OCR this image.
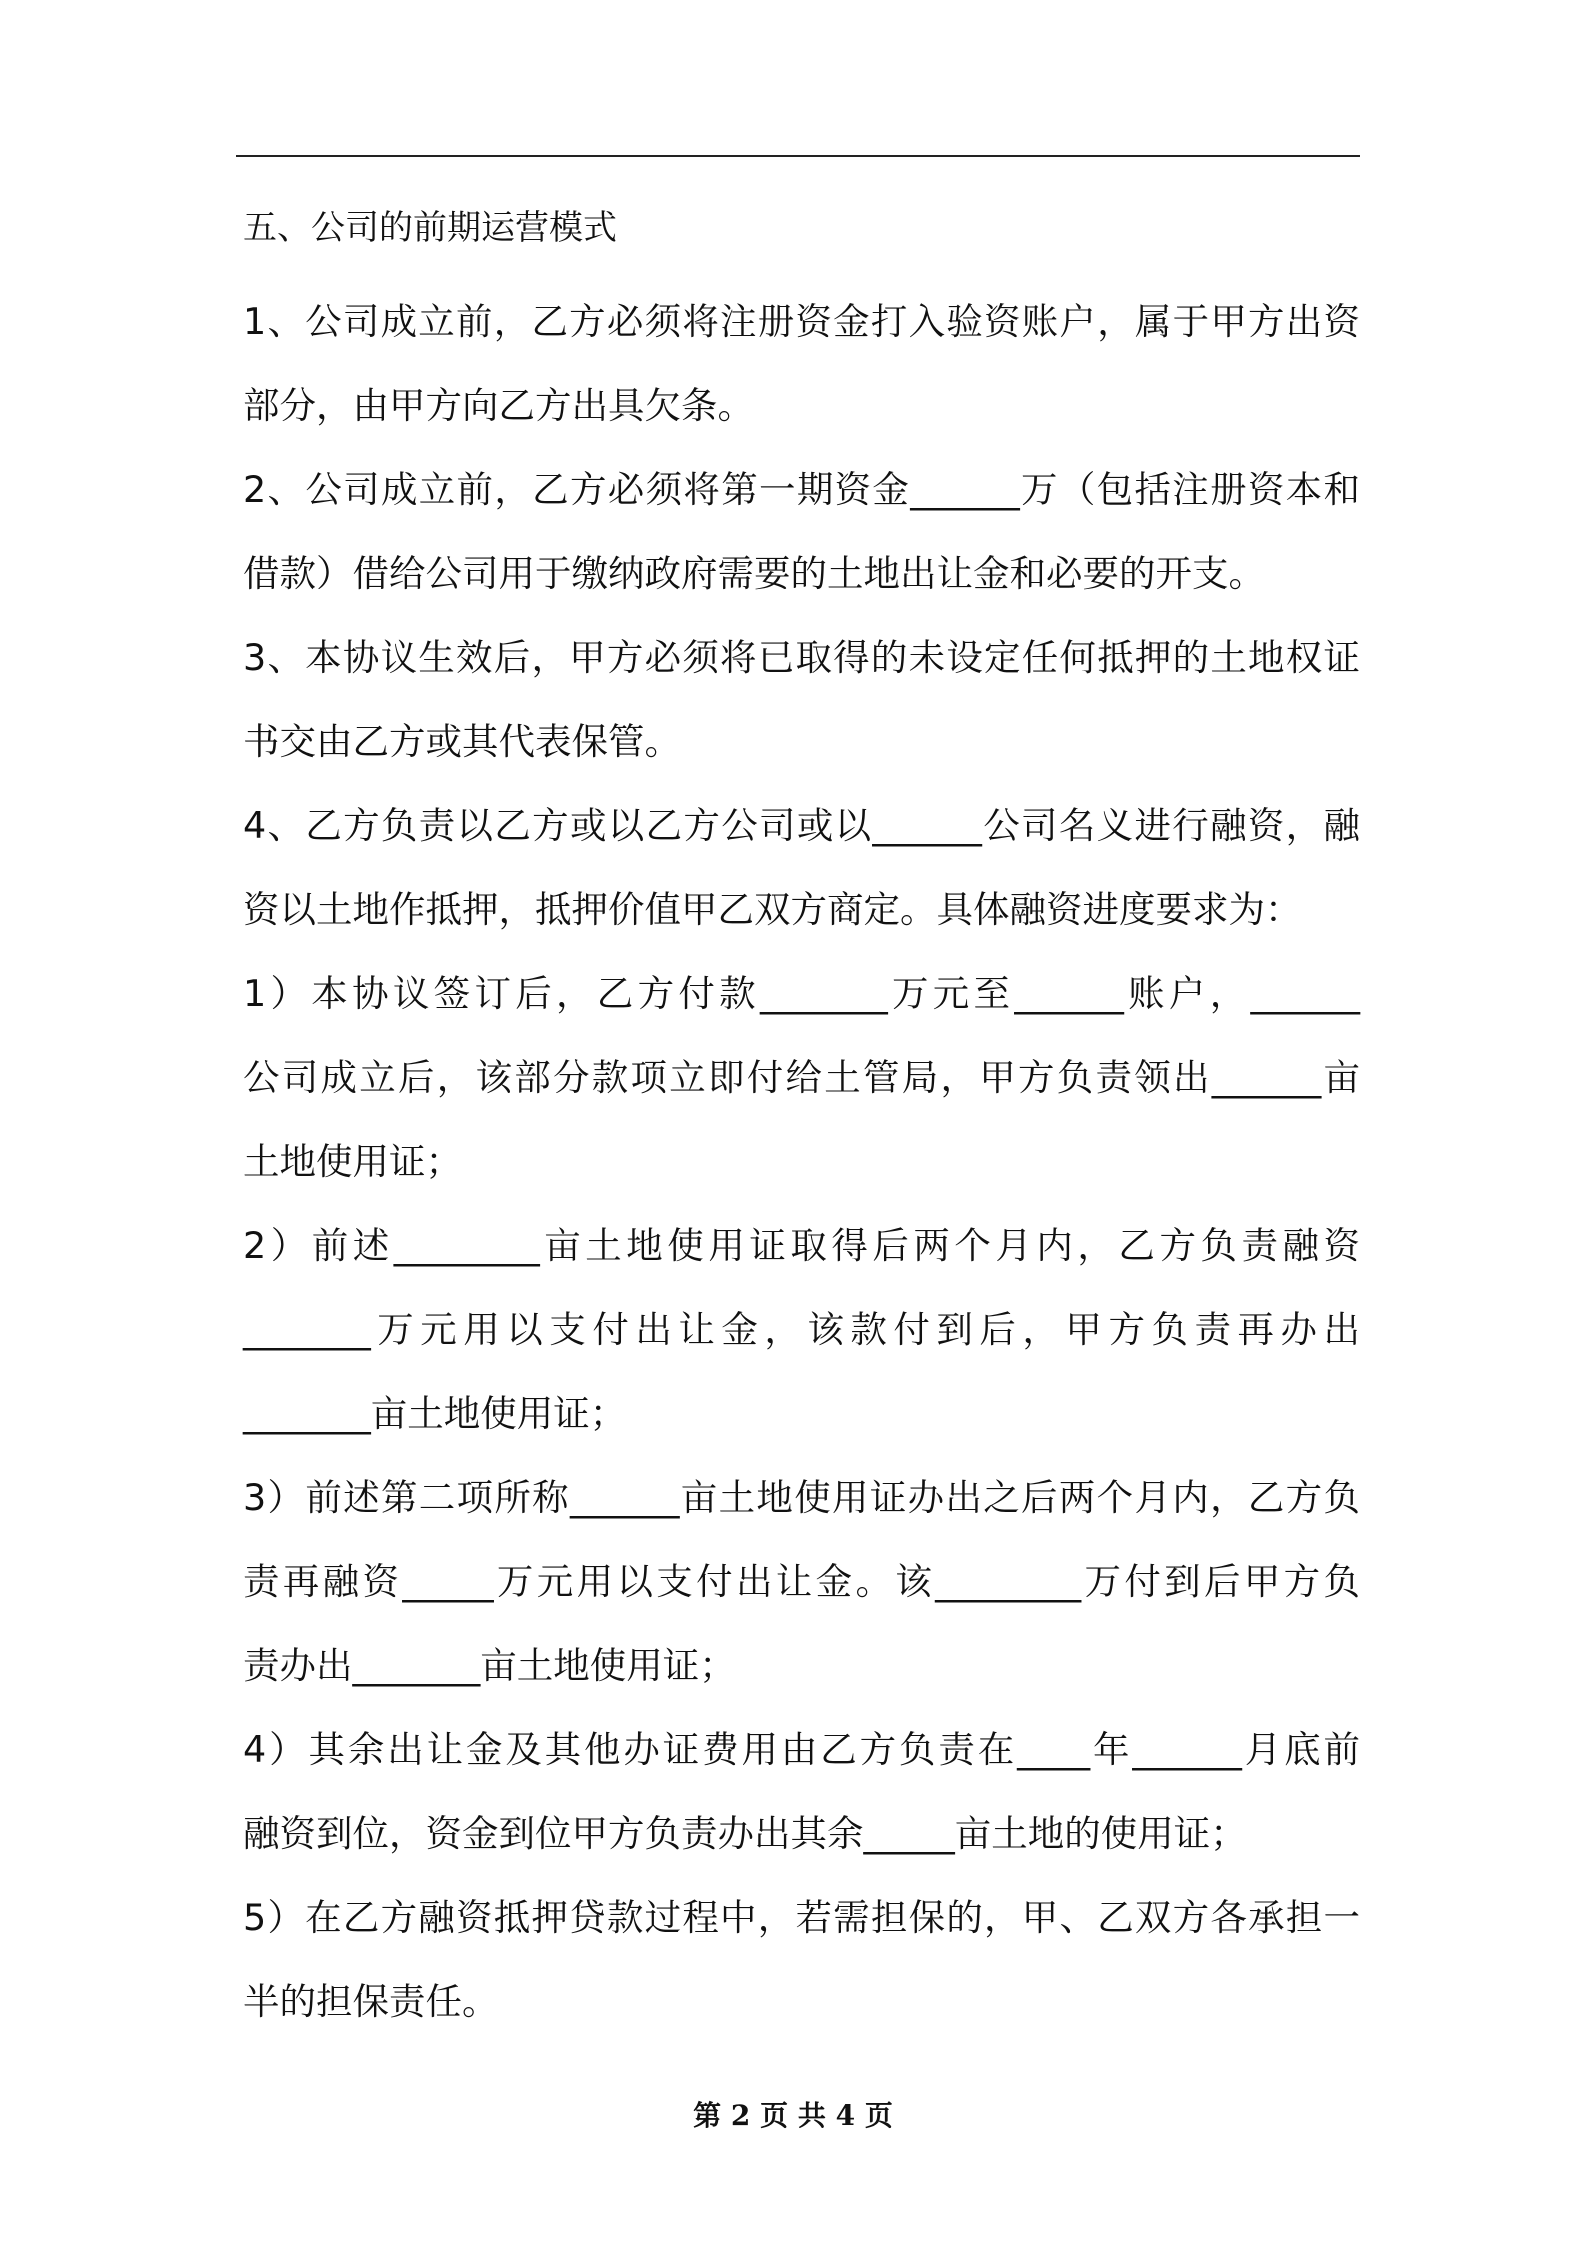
五、公司的前期运营模式
1、公司成立前，乙方必须将注册资金打入验资账户，属于甲方出资
部分，由甲方向乙方出具欠条。
2、公司成立前，乙方必须将第一期资金______万（包括注册资本和
借款）借给公司用于缴纳政府需要的土地出让金和必要的开支。
3、本协议生效后，甲方必须将已取得的未设定任何抵押的土地权证
书交由乙方或其代表保管。
4、乙方负责以乙方或以乙方公司或以______公司名义进行融资，融
资以土地作抵押，抵押价值甲乙双方商定。具体融资进度要求为：
1）本协议签订后，乙方付款_______万元至______账户，______
公司成立后，该部分款项立即付给土管局，甲方负责领出______亩
土地使用证；
2）前述________亩土地使用证取得后两个月内，乙方负责融资
_______万元用以支付出让金，该款付到后，甲方负责再办出
_______亩土地使用证；
3）前述第二项所称______亩土地使用证办出之后两个月内，乙方负
责再融资_____万元用以支付出让金。该________万付到后甲方负
责办出_______亩土地使用证；
4）其余出让金及其他办证费用由乙方负责在____年______月底前
融资到位，资金到位甲方负责办出其余_____亩土地的使用证；
5）在乙方融资抵押贷款过程中，若需担保的，甲、乙双方各承担一
半的担保责任。
第 2 页 共 4 页
